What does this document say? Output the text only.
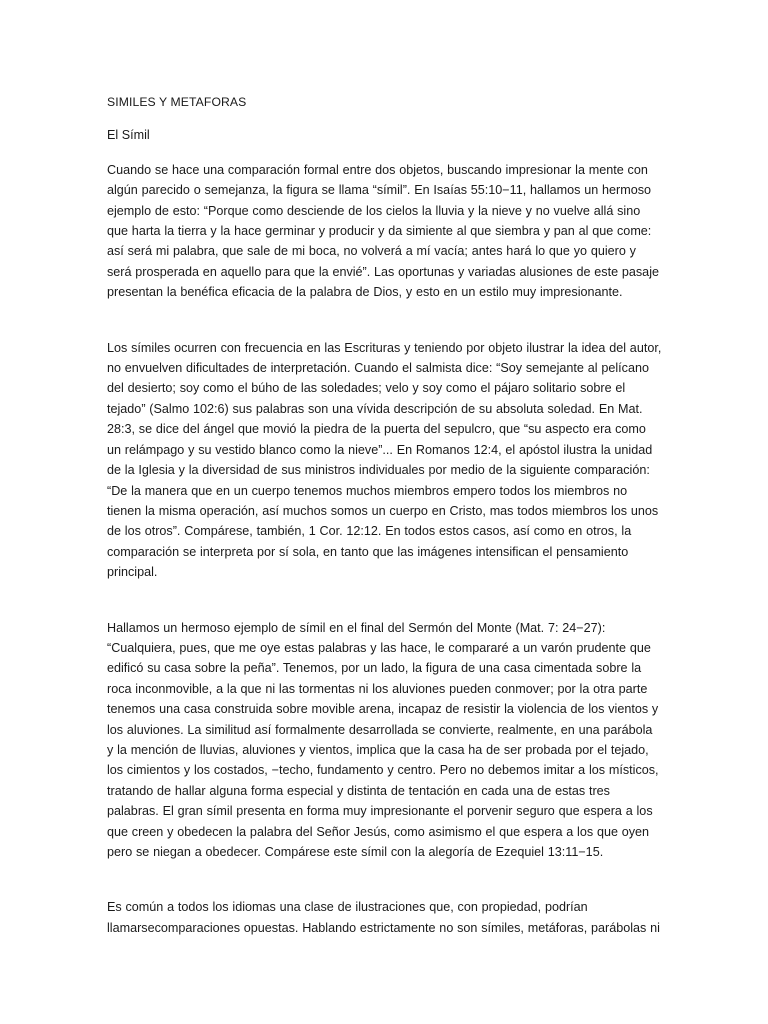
SIMILES Y METAFORAS
El Símil

Cuando se hace una comparación formal entre dos objetos, buscando impresionar la mente con algún parecido o semejanza, la figura se llama “símil”. En Isaías 55:10−11, hallamos un hermoso ejemplo de esto: “Porque como desciende de los cielos la lluvia y la nieve y no vuelve allá sino que harta la tierra y la hace germinar y producir y da simiente al que siembra y pan al que come: así será mi palabra, que sale de mi boca, no volverá a mí vacía; antes hará lo que yo quiero y será prosperada en aquello para que la envié”. Las oportunas y variadas alusiones de este pasaje presentan la benéfica eficacia de la palabra de Dios, y esto en un estilo muy impresionante.

Los símiles ocurren con frecuencia en las Escrituras y teniendo por objeto ilustrar la idea del autor, no envuelven dificultades de interpretación. Cuando el salmista dice: “Soy semejante al pelícano del desierto; soy como el búho de las soledades; velo y soy como el pájaro solitario sobre el tejado” (Salmo 102:6) sus palabras son una vívida descripción de su absoluta soledad. En Mat. 28:3, se dice del ángel que movió la piedra de la puerta del sepulcro, que “su aspecto era como un relámpago y su vestido blanco como la nieve”... En Romanos 12:4, el apóstol ilustra la unidad de la Iglesia y la diversidad de sus ministros individuales por medio de la siguiente comparación: “De la manera que en un cuerpo tenemos muchos miembros empero todos los miembros no tienen la misma operación, así muchos somos un cuerpo en Cristo, mas todos miembros los unos de los otros”. Compárese, también, 1 Cor. 12:12. En todos estos casos, así como en otros, la comparación se interpreta por sí sola, en tanto que las imágenes intensifican el pensamiento principal.

Hallamos un hermoso ejemplo de símil en el final del Sermón del Monte (Mat. 7: 24−27): “Cualquiera, pues, que me oye estas palabras y las hace, le compararé a un varón prudente que edificó su casa sobre la peña”. Tenemos, por un lado, la figura de una casa cimentada sobre la roca inconmovible, a la que ni las tormentas ni los aluviones pueden conmover; por la otra parte tenemos una casa construida sobre movible arena, incapaz de resistir la violencia de los vientos y los aluviones. La similitud así formalmente desarrollada se convierte, realmente, en una parábola y la mención de lluvias, aluviones y vientos, implica que la casa ha de ser probada por el tejado, los cimientos y los costados, −techo, fundamento y centro. Pero no debemos imitar a los místicos, tratando de hallar alguna forma especial y distinta de tentación en cada una de estas tres palabras. El gran símil presenta en forma muy impresionante el porvenir seguro que espera a los que creen y obedecen la palabra del Señor Jesús, como asimismo el que espera a los que oyen pero se niegan a obedecer. Compárese este símil con la alegoría de Ezequiel 13:11−15.

Es común a todos los idiomas una clase de ilustraciones que, con propiedad, podrían llamarsecomparaciones opuestas. Hablando estrictamente no son símiles, metáforas, parábolas ni
